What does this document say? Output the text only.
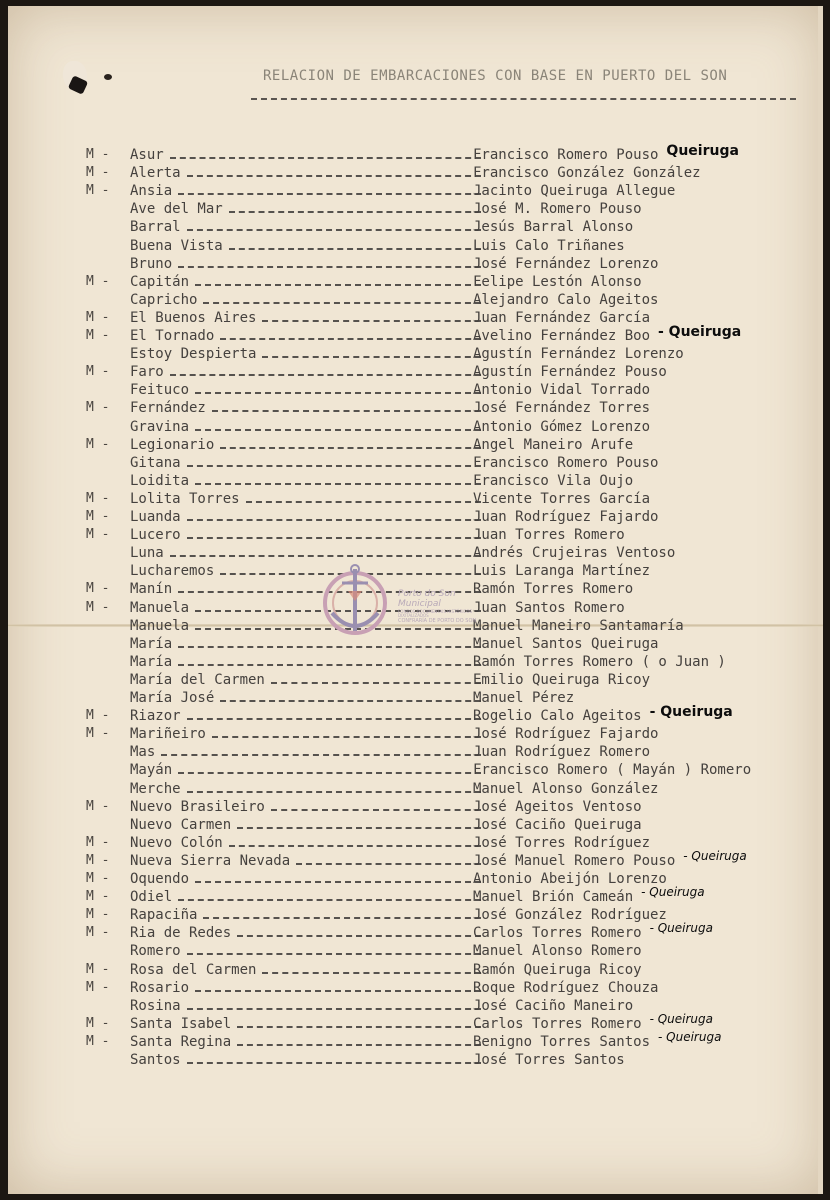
RELACION DE EMBARCACIONES CON BASE EN PUERTO DEL SON
M - Asur	Francisco Romero Pouso Queiruga
M - Alerta	Francisco González González
M - Ansia	Jacinto Queiruga Allegue
Ave del Mar	José M. Romero Pouso
Barral	Jesús Barral Alonso
Buena Vista	Luis Calo Triñanes
Bruno	José Fernández Lorenzo
M - Capitán	Felipe Lestón Alonso
Capricho	Alejandro Calo Ageitos
M - El Buenos Aires	Juan Fernández García
M - El Tornado	Avelino Fernández Boo - Queiruga
Estoy Despierta	Agustín Fernández Lorenzo
M - Faro	Agustín Fernández Pouso
Feituco	Antonio Vidal Torrado
M - Fernández	José Fernández Torres
Gravina	Antonio Gómez Lorenzo
M - Legionario	Angel Maneiro Arufe
Gitana	Francisco Romero Pouso
Loidita	Francisco Vila Oujo
M - Lolita Torres	Vicente Torres García
M - Luanda	Juan Rodríguez Fajardo
M - Lucero	Juan Torres Romero
Luna	Andrés Crujeiras Ventoso
Lucharemos	Luis Laranga Martínez
M - Manín	Ramón Torres Romero
M - Manuela	Juan Santos Romero
Manuela	Manuel Maneiro Santamaría
María	Manuel Santos Queiruga
María	Ramón Torres Romero ( o Juan )
María del Carmen	Emilio Queiruga Ricoy
María José	Manuel Pérez
M - Riazor	Rogelio Calo Ageitos - Queiruga
M - Mariñeiro	José Rodríguez Fajardo
Mas	Juan Rodríguez Romero
Mayán	Francisco Romero ( Mayán ) Romero
Merche	Manuel Alonso González
M - Nuevo Brasileiro	José Ageitos Ventoso
Nuevo Carmen	José Caciño Queiruga
M - Nuevo Colón	José Torres Rodríguez
M - Nueva Sierra Nevada	José Manuel Romero Pouso - Queiruga
M - Oquendo	Antonio Abeijón Lorenzo
M - Odiel	Manuel Brión Cameán - Queiruga
M - Rapaciña	José González Rodríguez
M - Ria de Redes	Carlos Torres Romero - Queiruga
Romero	Manuel Alonso Romero
M - Rosa del Carmen	Ramón Queiruga Ricoy
M - Rosario	Roque Rodríguez Chouza
Rosina	José Caciño Maneiro
M - Santa Isabel	Carlos Torres Romero - Queiruga
M - Santa Regina	Benigno Torres Santos - Queiruga
Santos	José Torres Santos
Porto do Son Municipal
FONDOS DOCUMENTAIS HISTÓRICOS DIXITALIZADOS
CONFRARÍA DE PORTO DO SON
